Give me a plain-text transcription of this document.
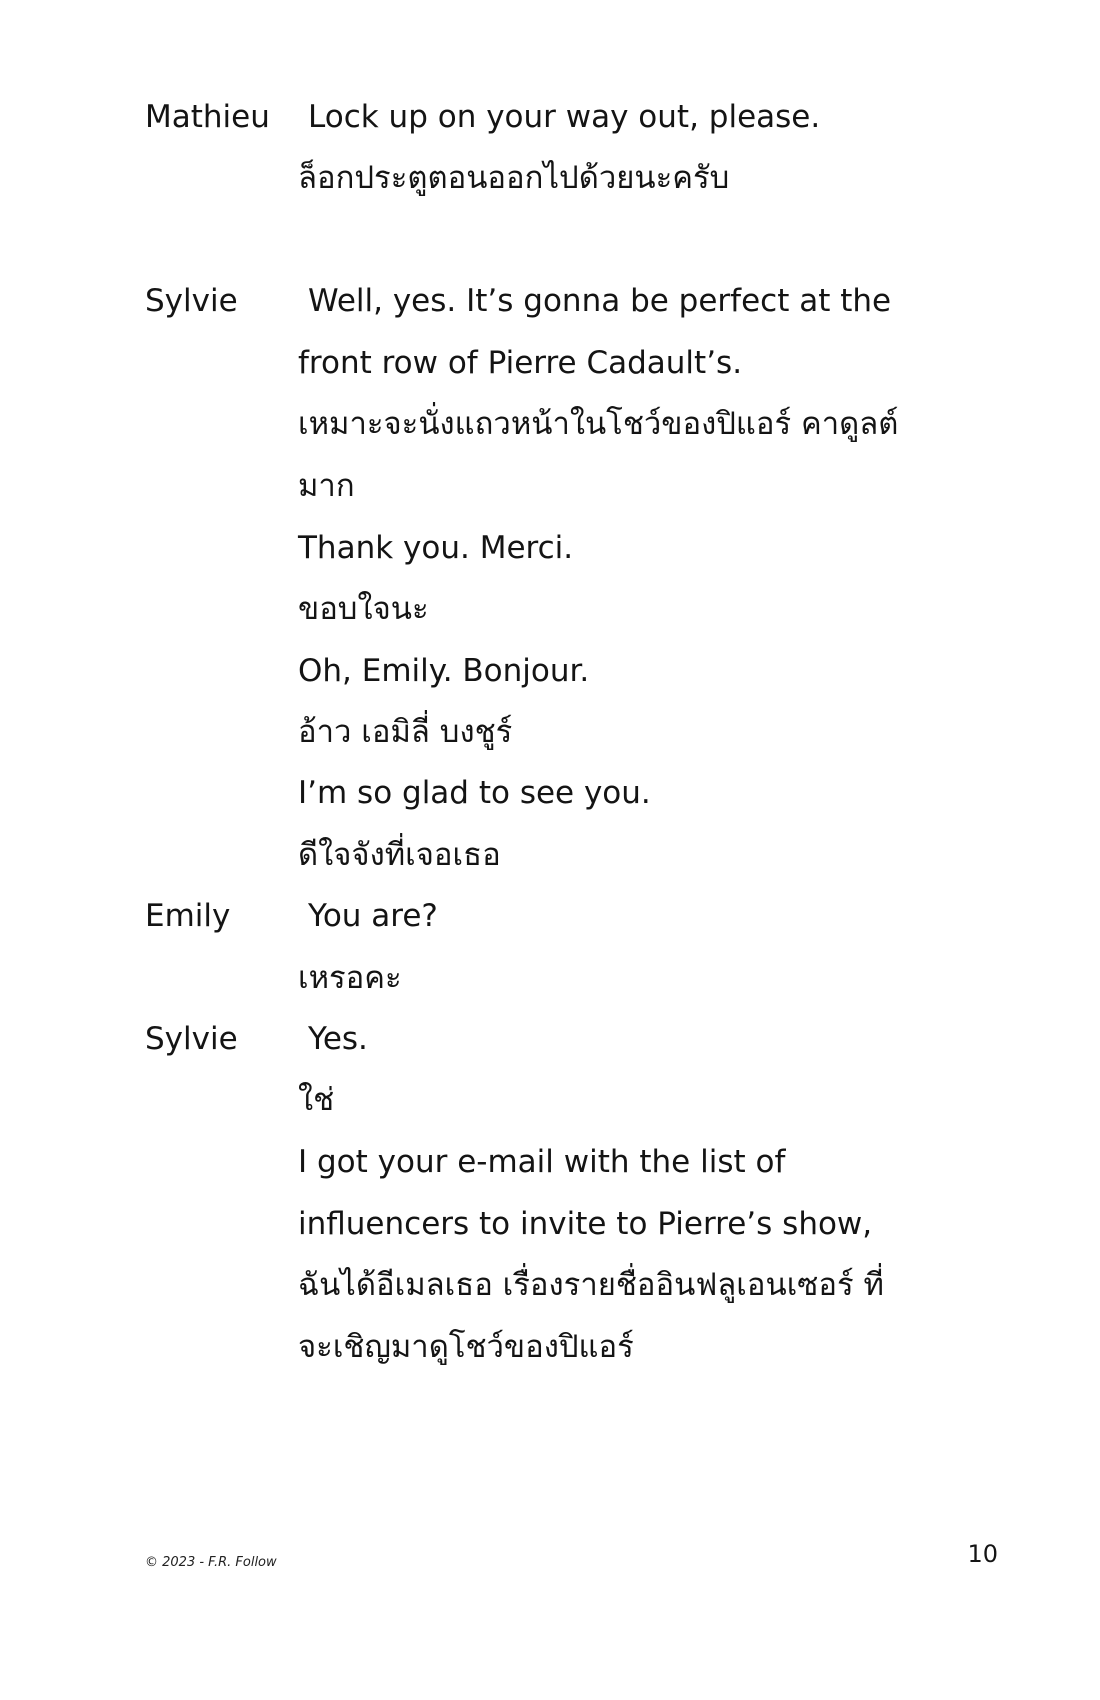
Mathieu Lock up on your way out, please.
ล็อกประตูตอนออกไปด้วยนะครับ
Sylvie Well, yes. It’s gonna be perfect at the
front row of Pierre Cadault’s.
เหมาะจะนั่งแถวหน้าในโชว์ของปิแอร์ คาดูลต์
มาก
Thank you. Merci.
ขอบใจนะ
Oh, Emily. Bonjour.
อ้าว เอมิลี่ บงชูร์
I’m so glad to see you.
ดีใจจังที่เจอเธอ
Emily	You are?
เหรอคะ
Sylvie Yes.
ใช่
I got your e-mail with the list of
influencers to invite to Pierre’s show,
ฉันได้อีเมลเธอ เรื่องรายชื่ออินฟลูเอนเซอร์ ที่
จะเชิญมาดูโชว์ของปิแอร์
© 2023 - F.R. Follow	10
